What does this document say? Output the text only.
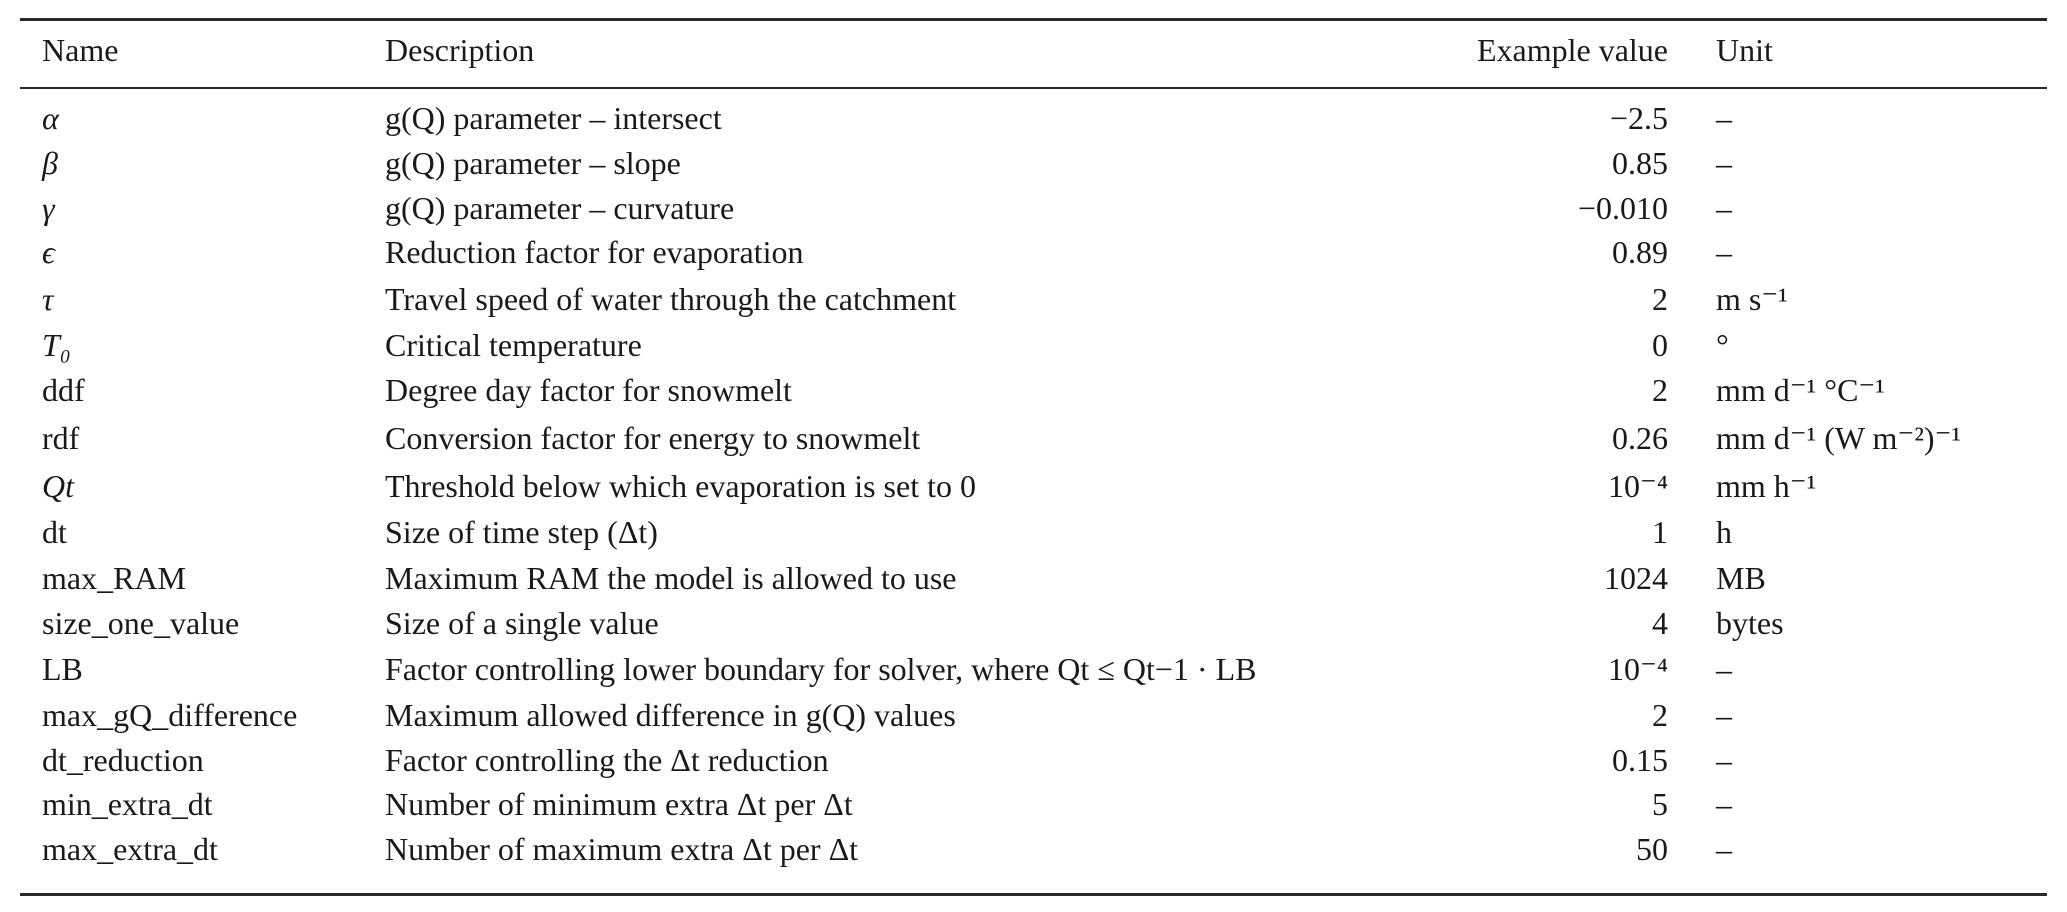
Name	Description	Example value Unit
α	g(Q) parameter – intersect	−2.5 –
β	g(Q) parameter – slope	0.85 –
γ	g(Q) parameter – curvature	−0.010 –
ϵ	Reduction factor for evaporation	0.89 –
τ	Travel speed of water through the catchment	2 m s⁻¹
T₀	Critical temperature	0 °
ddf	Degree day factor for snowmelt	2 mm d⁻¹ °C⁻¹
rdf	Conversion factor for energy to snowmelt	0.26 mm d⁻¹ (W m⁻²)⁻¹
Qt	Threshold below which evaporation is set to 0	10⁻⁴ mm h⁻¹
dt	Size of time step (Δt)	1 h
max_RAM	Maximum RAM the model is allowed to use	1024 MB
size_one_value	Size of a single value	4 bytes
LB	Factor controlling lower boundary for solver, where Qt ≤ Qt−1 · LB	10⁻⁴ –
max_gQ_difference	Maximum allowed difference in g(Q) values	2 –
dt_reduction	Factor controlling the Δt reduction	0.15 –
min_extra_dt	Number of minimum extra Δt per Δt	5 –
max_extra_dt	Number of maximum extra Δt per Δt	50 –
